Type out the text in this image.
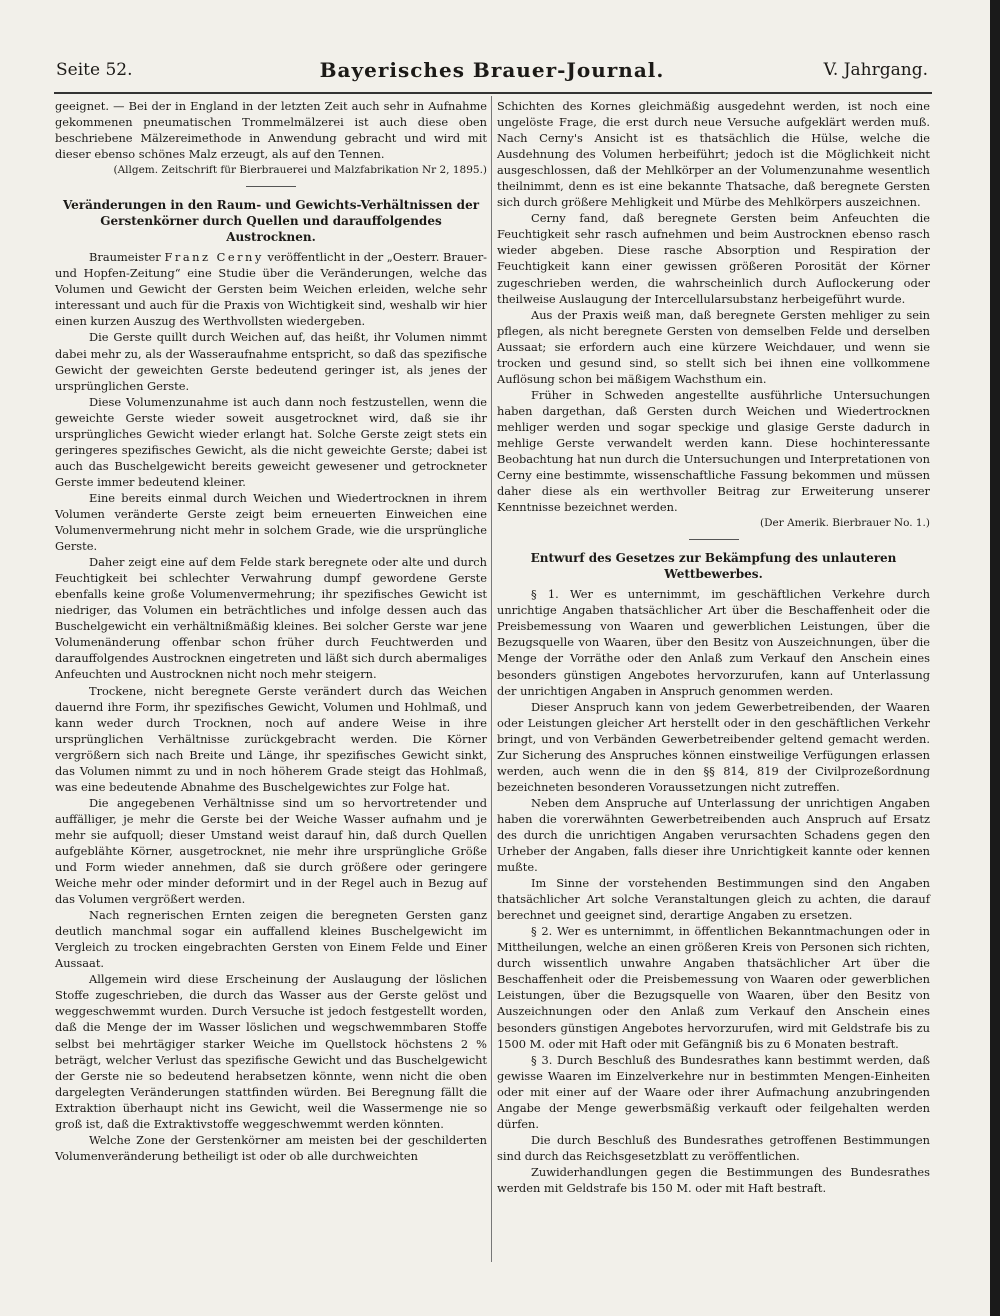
Seite 52.	Bayerisches Brauer-Journal.	V. Jahrgang.

geeignet. — Bei der in England in der letzten Zeit auch sehr in Aufnahme gekommenen pneumatischen Trommelmälzerei ist auch diese oben beschriebene Mälzereimethode in Anwendung gebracht und wird mit dieser ebenso schönes Malz erzeugt, als auf den Tennen.

(Allgem. Zeitschrift für Bierbrauerei und Malzfabrikation Nr 2, 1895.)

Veränderungen in den Raum- und Gewichts-Verhältnissen der Gerstenkörner durch Quellen und darauffolgendes Austrocknen.

Braumeister Franz Cerny veröffentlicht in der „Oesterr. Brauer- und Hopfen-Zeitung“ eine Studie über die Veränderungen, welche das Volumen und Gewicht der Gersten beim Weichen erleiden, welche sehr interessant und auch für die Praxis von Wichtigkeit sind, weshalb wir hier einen kurzen Auszug des Werthvollsten wiedergeben.

Die Gerste quillt durch Weichen auf, das heißt, ihr Volumen nimmt dabei mehr zu, als der Wasseraufnahme entspricht, so daß das spezifische Gewicht der geweichten Gerste bedeutend geringer ist, als jenes der ursprünglichen Gerste.

Diese Volumenzunahme ist auch dann noch festzustellen, wenn die geweichte Gerste wieder soweit ausgetrocknet wird, daß sie ihr ursprüngliches Gewicht wieder erlangt hat. Solche Gerste zeigt stets ein geringeres spezifisches Gewicht, als die nicht geweichte Gerste; dabei ist auch das Buschelgewicht bereits geweicht gewesener und getrockneter Gerste immer bedeutend kleiner.

Eine bereits einmal durch Weichen und Wiedertrocknen in ihrem Volumen veränderte Gerste zeigt beim erneuerten Einweichen eine Volumenvermehrung nicht mehr in solchem Grade, wie die ursprüngliche Gerste.

Daher zeigt eine auf dem Felde stark beregnete oder alte und durch Feuchtigkeit bei schlechter Verwahrung dumpf gewordene Gerste ebenfalls keine große Volumenvermehrung; ihr spezifisches Gewicht ist niedriger, das Volumen ein beträchtliches und infolge dessen auch das Buschelgewicht ein verhältnißmäßig kleines. Bei solcher Gerste war jene Volumenänderung offenbar schon früher durch Feuchtwerden und darauffolgendes Austrocknen eingetreten und läßt sich durch abermaliges Anfeuchten und Austrocknen nicht noch mehr steigern.

Trockene, nicht beregnete Gerste verändert durch das Weichen dauernd ihre Form, ihr spezifisches Gewicht, Volumen und Hohlmaß, und kann weder durch Trocknen, noch auf andere Weise in ihre ursprünglichen Verhältnisse zurückgebracht werden. Die Körner vergrößern sich nach Breite und Länge, ihr spezifisches Gewicht sinkt, das Volumen nimmt zu und in noch höherem Grade steigt das Hohlmaß, was eine bedeutende Abnahme des Buschelgewichtes zur Folge hat.

Die angegebenen Verhältnisse sind um so hervortretender und auffälliger, je mehr die Gerste bei der Weiche Wasser aufnahm und je mehr sie aufquoll; dieser Umstand weist darauf hin, daß durch Quellen aufgeblähte Körner, ausgetrocknet, nie mehr ihre ursprüngliche Größe und Form wieder annehmen, daß sie durch größere oder geringere Weiche mehr oder minder deformirt und in der Regel auch in Bezug auf das Volumen vergrößert werden.

Nach regnerischen Ernten zeigen die beregneten Gersten ganz deutlich manchmal sogar ein auffallend kleines Buschelgewicht im Vergleich zu trocken eingebrachten Gersten von Einem Felde und Einer Aussaat.

Allgemein wird diese Erscheinung der Auslaugung der löslichen Stoffe zugeschrieben, die durch das Wasser aus der Gerste gelöst und weggeschwemmt wurden. Durch Versuche ist jedoch festgestellt worden, daß die Menge der im Wasser löslichen und wegschwemmbaren Stoffe selbst bei mehrtägiger starker Weiche im Quellstock höchstens 2 % beträgt, welcher Verlust das spezifische Gewicht und das Buschelgewicht der Gerste nie so bedeutend herabsetzen könnte, wenn nicht die oben dargelegten Veränderungen stattfinden würden. Bei Beregnung fällt die Extraktion überhaupt nicht ins Gewicht, weil die Wassermenge nie so groß ist, daß die Extraktivstoffe weggeschwemmt werden könnten.

Welche Zone der Gerstenkörner am meisten bei der geschilderten Volumenveränderung betheiligt ist oder ob alle durchweichten

Schichten des Kornes gleichmäßig ausgedehnt werden, ist noch eine ungelöste Frage, die erst durch neue Versuche aufgeklärt werden muß. Nach Cerny's Ansicht ist es thatsächlich die Hülse, welche die Ausdehnung des Volumen herbeiführt; jedoch ist die Möglichkeit nicht ausgeschlossen, daß der Mehlkörper an der Volumenzunahme wesentlich theilnimmt, denn es ist eine bekannte Thatsache, daß beregnete Gersten sich durch größere Mehligkeit und Mürbe des Mehlkörpers auszeichnen.

Cerny fand, daß beregnete Gersten beim Anfeuchten die Feuchtigkeit sehr rasch aufnehmen und beim Austrocknen ebenso rasch wieder abgeben. Diese rasche Absorption und Respiration der Feuchtigkeit kann einer gewissen größeren Porosität der Körner zugeschrieben werden, die wahrscheinlich durch Auflockerung oder theilweise Auslaugung der Intercellularsubstanz herbeigeführt wurde.

Aus der Praxis weiß man, daß beregnete Gersten mehliger zu sein pflegen, als nicht beregnete Gersten von demselben Felde und derselben Aussaat; sie erfordern auch eine kürzere Weichdauer, und wenn sie trocken und gesund sind, so stellt sich bei ihnen eine vollkommene Auflösung schon bei mäßigem Wachsthum ein.

Früher in Schweden angestellte ausführliche Untersuchungen haben dargethan, daß Gersten durch Weichen und Wiedertrocknen mehliger werden und sogar speckige und glasige Gerste dadurch in mehlige Gerste verwandelt werden kann. Diese hochinteressante Beobachtung hat nun durch die Untersuchungen und Interpretationen von Cerny eine bestimmte, wissenschaftliche Fassung bekommen und müssen daher diese als ein werthvoller Beitrag zur Erweiterung unserer Kenntnisse bezeichnet werden.

(Der Amerik. Bierbrauer No. 1.)

Entwurf des Gesetzes zur Bekämpfung des unlauteren Wettbewerbes.

§ 1. Wer es unternimmt, im geschäftlichen Verkehre durch unrichtige Angaben thatsächlicher Art über die Beschaffenheit oder die Preisbemessung von Waaren und gewerblichen Leistungen, über die Bezugsquelle von Waaren, über den Besitz von Auszeichnungen, über die Menge der Vorräthe oder den Anlaß zum Verkauf den Anschein eines besonders günstigen Angebotes hervorzurufen, kann auf Unterlassung der unrichtigen Angaben in Anspruch genommen werden.

Dieser Anspruch kann von jedem Gewerbetreibenden, der Waaren oder Leistungen gleicher Art herstellt oder in den geschäftlichen Verkehr bringt, und von Verbänden Gewerbetreibender geltend gemacht werden. Zur Sicherung des Anspruches können einstweilige Verfügungen erlassen werden, auch wenn die in den §§ 814, 819 der Civilprozeßordnung bezeichneten besonderen Voraussetzungen nicht zutreffen.

Neben dem Anspruche auf Unterlassung der unrichtigen Angaben haben die vorerwähnten Gewerbetreibenden auch Anspruch auf Ersatz des durch die unrichtigen Angaben verursachten Schadens gegen den Urheber der Angaben, falls dieser ihre Unrichtigkeit kannte oder kennen mußte.

Im Sinne der vorstehenden Bestimmungen sind den Angaben thatsächlicher Art solche Veranstaltungen gleich zu achten, die darauf berechnet und geeignet sind, derartige Angaben zu ersetzen.

§ 2. Wer es unternimmt, in öffentlichen Bekanntmachungen oder in Mittheilungen, welche an einen größeren Kreis von Personen sich richten, durch wissentlich unwahre Angaben thatsächlicher Art über die Beschaffenheit oder die Preisbemessung von Waaren oder gewerblichen Leistungen, über die Bezugsquelle von Waaren, über den Besitz von Auszeichnungen oder den Anlaß zum Verkauf den Anschein eines besonders günstigen Angebotes hervorzurufen, wird mit Geldstrafe bis zu 1500 M. oder mit Haft oder mit Gefängniß bis zu 6 Monaten bestraft.

§ 3. Durch Beschluß des Bundesrathes kann bestimmt werden, daß gewisse Waaren im Einzelverkehre nur in bestimmten Mengen-Einheiten oder mit einer auf der Waare oder ihrer Aufmachung anzubringenden Angabe der Menge gewerbsmäßig verkauft oder feilgehalten werden dürfen.

Die durch Beschluß des Bundesrathes getroffenen Bestimmungen sind durch das Reichsgesetzblatt zu veröffentlichen.

Zuwiderhandlungen gegen die Bestimmungen des Bundesrathes werden mit Geldstrafe bis 150 M. oder mit Haft bestraft.
